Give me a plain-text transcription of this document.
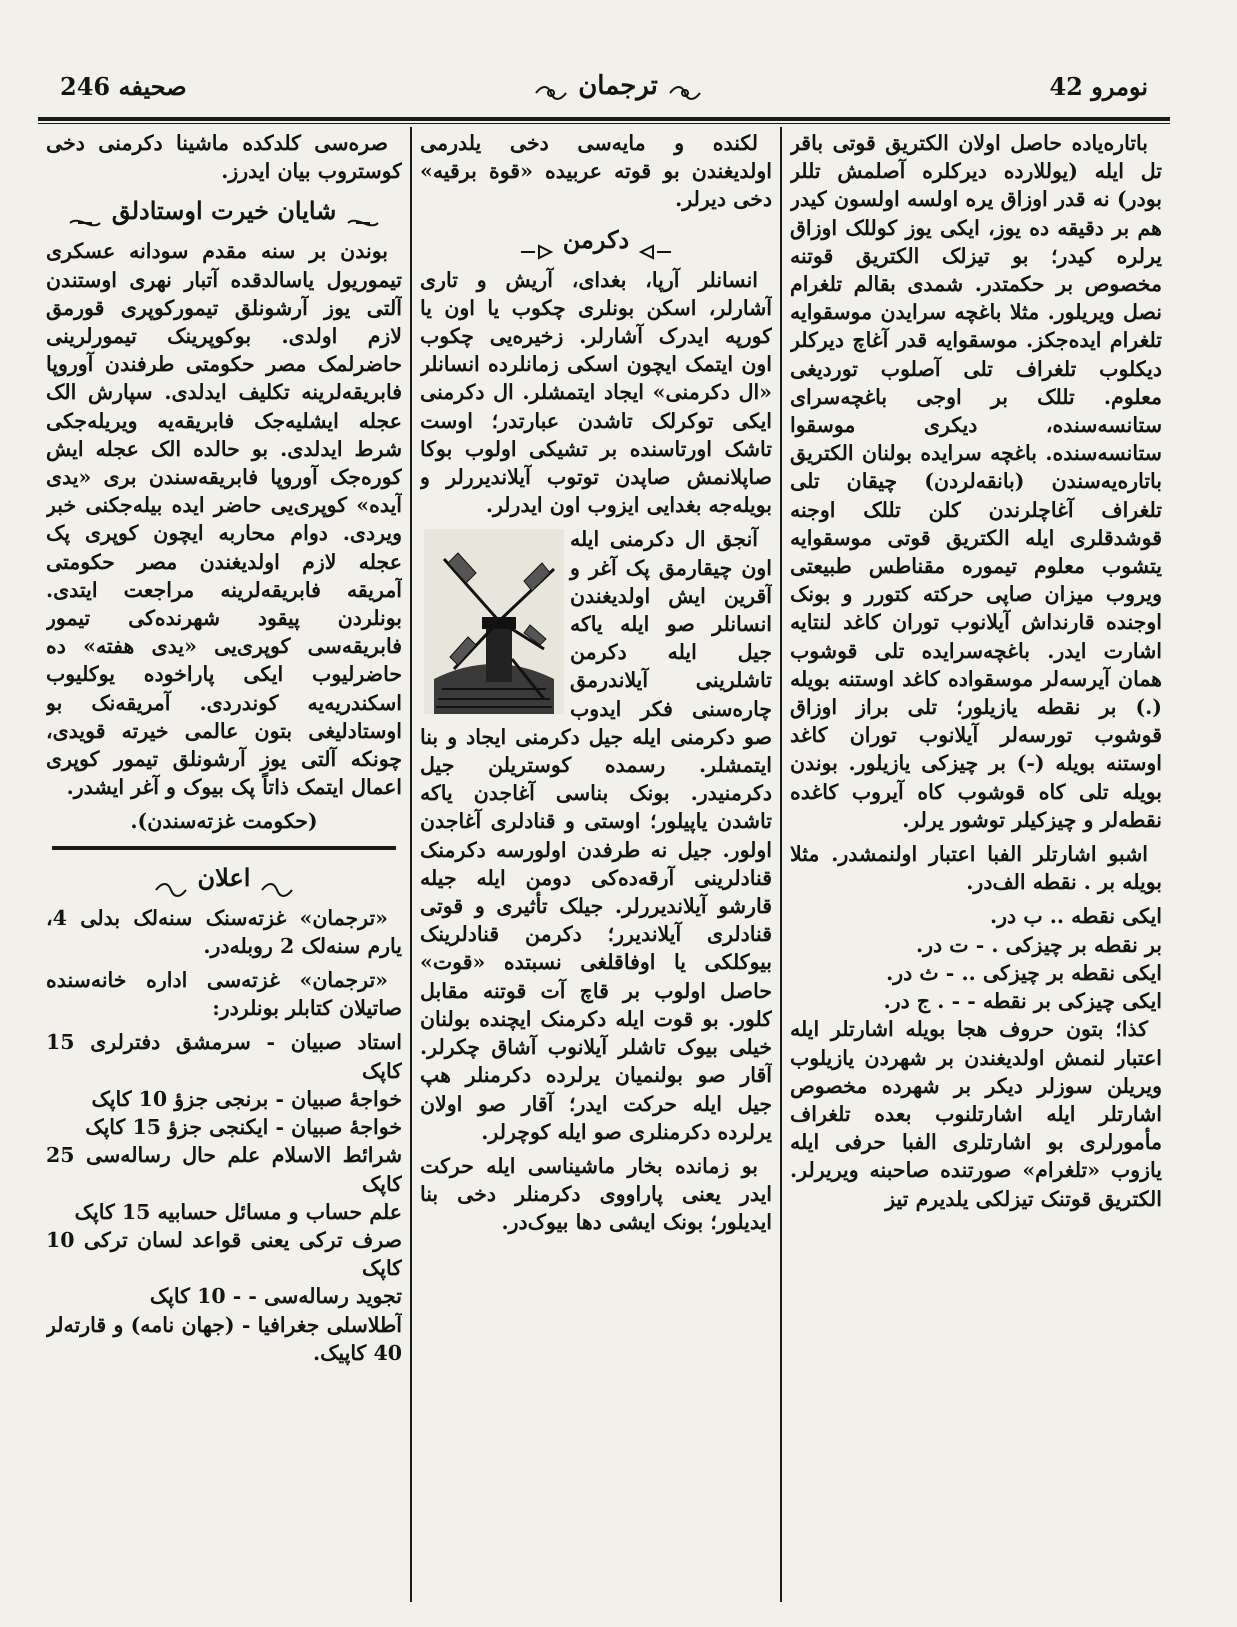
نومرو 42
ترجمان
صحیفه 246

باتاره‌یاده حاصل اولان الکتریق قوتی باقر تل ایله (یوللارده دیرکلره آصلمش تللر بودر) نه قدر اوزاق یره اولسه اولسون کیدر هم بر دقیقه ده یوز، ایکی یوز کوللک اوزاق یرلره کیدر؛ بو تیزلک الکتریق قوتنه مخصوص بر حکمتدر. شمدی بقالم تلغرام نصل ویریلور. مثلا باغچه سرایدن موسقوایه تلغرام ایده‌جکز. موسقوایه قدر آغاچ دیرکلر دیکلوب تلغراف تلی آصلوب توردیغی معلوم. تللک بر اوجی باغچه‌سرای ستانسه‌سنده، دیکری موسقوا ستانسه‌سنده. باغچه سرایده بولنان الکتریق باتاره‌یه‌سندن (بانقه‌لردن) چیقان تلی تلغراف آغاچلرندن کلن تللک اوجنه قوشدقلری ایله الکتریق قوتی موسقوایه یتشوب معلوم تیموره مقناطس طبیعتی ویروب میزان صاپی حرکته کتورر و بونک اوجنده قارنداش آیلانوب توران کاغد لنتایه اشارت ایدر. باغچه‌سرایده تلی قوشوب همان آیرسه‌لر موسقواده کاغد اوستنه بویله (.) بر نقطه یازیلور؛ تلی براز اوزاق قوشوب تورسه‌لر آیلانوب توران کاغد اوستنه بویله (-) بر چیزکی یازیلور. بوندن بویله تلی کاه قوشوب کاه آیروب کاغده نقطه‌لر و چیزکیلر توشور یرلر.

اشبو اشارتلر الفبا اعتبار اولنمشدر. مثلا بویله بر . نقطه الف‌در.

ایکی نقطه .. ب در.
بر نقطه بر چیزکی . - ت در.
ایکی نقطه بر چیزکی .. - ث در.
ایکی چیزکی بر نقطه - - . ج در.

کذا؛ بتون حروف هجا بویله اشارتلر ایله اعتبار لنمش اولدیغندن بر شهردن یازیلوب ویریلن سوزلر دیکر بر شهرده مخصوص اشارتلر ایله اشارتلنوب بعده تلغراف مأمورلری بو اشارتلری الفبا حرفی ایله یازوب «تلغرام» صورتنده صاحبنه ویریرلر. الکتریق قوتنک تیزلکی یلدیرم تیز

لکنده و مایه‌سی دخی یلدرمی اولدیغندن بو قوته عربیده «قوة برقیه» دخی دیرلر.

دکرمن

انسانلر آرپا، بغدای، آریش و تاری آشارلر، اسکن بونلری چکوب یا اون یا کورپه ایدرک آشارلر. زخیره‌یی چکوب اون ایتمک ایچون اسکی زمانلرده انسانلر «ال دکرمنی» ایجاد ایتمشلر. ال دکرمنی ایکی توکرلک تاشدن عبارتدر؛ اوست تاشک اورتاسنده بر تشیکی اولوب بوکا صاپلانمش صاپدن توتوب آیلاندیررلر و بویله‌جه بغدایی ایزوب اون ایدرلر.

آنجق ال دکرمنی ایله اون چیقارمق پک آغر و آقرین ایش اولدیغندن انسانلر صو ایله یاکه جیل ایله دکرمن تاشلرینی آیلاندرمق چاره‌سنی فکر ایدوب صو دکرمنی ایله جیل دکرمنی ایجاد و بنا ایتمشلر. رسمده کوستریلن جیل دکرمنیدر. بونک بناسی آغاجدن یاکه تاشدن یاپیلور؛ اوستی و قنادلری آغاجدن اولور. جیل نه طرفدن اولورسه دکرمنک قنادلرینی آرقه‌ده‌کی دومن ایله جیله قارشو آیلاندیررلر. جیلک تأثیری و قوتی قنادلری آیلاندیرر؛ دکرمن قنادلرینک بیوکلکی یا اوفاقلغی نسبتده «قوت» حاصل اولوب بر قاچ آت قوتنه مقابل کلور. بو قوت ایله دکرمنک ایچنده بولنان خیلی بیوک تاشلر آیلانوب آشاق چکرلر. آقار صو بولنمیان یرلرده دکرمنلر هپ جیل ایله حرکت ایدر؛ آقار صو اولان یرلرده دکرمنلری صو ایله کوچرلر.

بو زمانده بخار ماشیناسی ایله حرکت ایدر یعنی پاراووی دکرمنلر دخی بنا ایدیلور؛ بونک ایشی دها بیوک‌در.

صره‌سی کلدکده ماشینا دکرمنی دخی کوستروب بیان ایدرز.

شایان خیرت اوستادلق

بوندن بر سنه مقدم سودانه عسکری تیموریول یاسالدقده آتبار نهری اوستندن آلتی یوز آرشونلق تیمورکوپری قورمق لازم اولدی. بوکوپرینک تیمورلرینی حاضرلمک مصر حکومتی طرفندن آوروپا فابریقه‌لرینه تکلیف ایدلدی. سپارش الک عجله ایشلیه‌جک فابریقه‌یه ویریله‌جکی شرط ایدلدی. بو حالده الک عجله ایش کوره‌جک آوروپا فابریقه‌سندن بری «یدی آیده» کوپری‌یی حاضر ایده بیله‌جکنی خبر ویردی. دوام محاربه ایچون کوپری پک عجله لازم اولدیغندن مصر حکومتی آمریقه فابریقه‌لرینه مراجعت ایتدی. بونلردن پیقود شهرنده‌کی تیمور فابریقه‌سی کوپری‌یی «یدی هفته» ده حاضرلیوب ایکی پاراخوده یوکلیوب اسکندریه‌یه کوندردی. آمریقه‌نک بو اوستادلیغی بتون عالمی خیرته قویدی، چونکه آلتی یوز آرشونلق تیمور کوپری اعمال ایتمک ذاتاً پک بیوک و آغر ایشدر.

(حکومت غزته‌سندن).
اعلان

«ترجمان» غزته‌سنک سنه‌لک بدلی 4، یارم سنه‌لک 2 روبله‌در.

«ترجمان» غزته‌سی اداره خانه‌سنده صاتیلان کتابلر بونلردر:

استاد صبیان - سرمشق دفترلری 15 کاپک
خواجۀ صبیان - برنجی جزؤ 10 کاپک
خواجۀ صبیان - ایکنجی جزؤ 15 کاپک
شرائط الاسلام علم حال رساله‌سی 25 کاپک
علم حساب و مسائل حسابیه 15 کاپک
صرف ترکی یعنی قواعد لسان ترکی 10 کاپک
تجوید رساله‌سی - - 10 کاپک
آطلاسلی جغرافیا - (جهان نامه) و قارته‌لر 40 کاپیک.
